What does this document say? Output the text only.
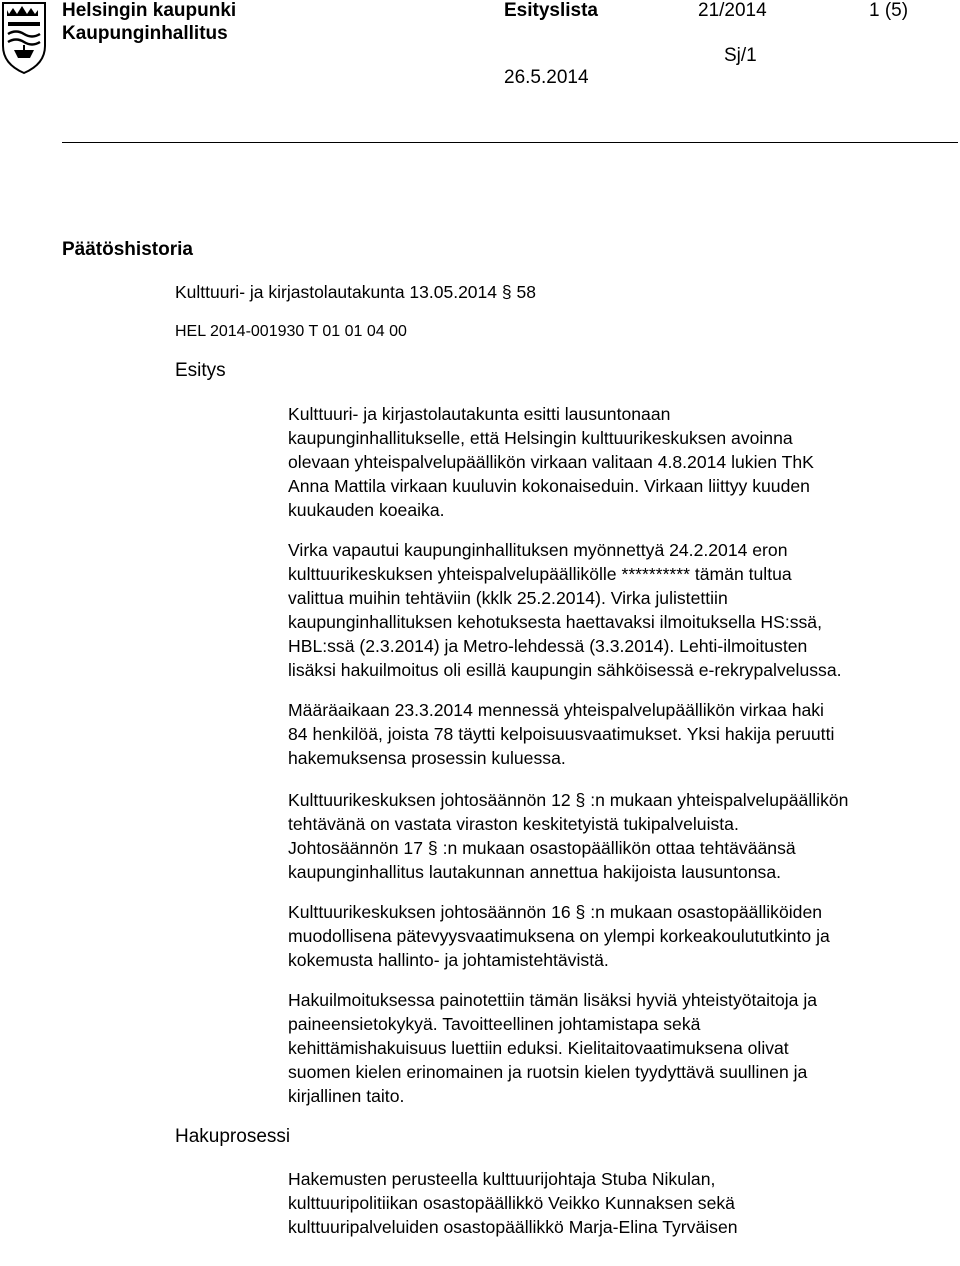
Helsingin kaupunki
Kaupunginhallitus
Esityslista	21/2014	1 (5)
Sj/1
26.5.2014
Päätöshistoria
Kulttuuri- ja kirjastolautakunta 13.05.2014 § 58
HEL 2014-001930 T 01 01 04 00
Esitys
Hakuprosessi
Kulttuuri- ja kirjastolautakunta esitti lausuntonaan
kaupunginhallitukselle, että Helsingin kulttuurikeskuksen avoinna
olevaan yhteispalvelupäällikön virkaan valitaan 4.8.2014 lukien ThK
Anna Mattila virkaan kuuluvin kokonaiseduin. Virkaan liittyy kuuden
kuukauden koeaika.
Virka vapautui kaupunginhallituksen myönnettyä 24.2.2014 eron
kulttuurikeskuksen yhteispalvelupäällikölle ********** tämän tultua
valittua muihin tehtäviin (kklk 25.2.2014). Virka julistettiin
kaupunginhallituksen kehotuksesta haettavaksi ilmoituksella HS:ssä,
HBL:ssä (2.3.2014) ja Metro-lehdessä (3.3.2014). Lehti-ilmoitusten
lisäksi hakuilmoitus oli esillä kaupungin sähköisessä e-rekrypalvelussa.
Määräaikaan 23.3.2014 mennessä yhteispalvelupäällikön virkaa haki
84 henkilöä, joista 78 täytti kelpoisuusvaatimukset. Yksi hakija peruutti
hakemuksensa prosessin kuluessa.
Kulttuurikeskuksen johtosäännön 12 § :n mukaan yhteispalvelupäällikön
tehtävänä on vastata viraston keskitetyistä tukipalveluista.
Johtosäännön 17 § :n mukaan osastopäällikön ottaa tehtäväänsä
kaupunginhallitus lautakunnan annettua hakijoista lausuntonsa.
Kulttuurikeskuksen johtosäännön 16 § :n mukaan osastopäälliköiden
muodollisena pätevyysvaatimuksena on ylempi korkeakoulututkinto ja
kokemusta hallinto- ja johtamistehtävistä.
Hakuilmoituksessa painotettiin tämän lisäksi hyviä yhteistyötaitoja ja
paineensietokykyä. Tavoitteellinen johtamistapa sekä
kehittämishakuisuus luettiin eduksi. Kielitaitovaatimuksena olivat
suomen kielen erinomainen ja ruotsin kielen tyydyttävä suullinen ja
kirjallinen taito.
Hakemusten perusteella kulttuurijohtaja Stuba Nikulan,
kulttuuripolitiikan osastopäällikkö Veikko Kunnaksen sekä
kulttuuripalveluiden osastopäällikkö Marja-Elina Tyrväisen
